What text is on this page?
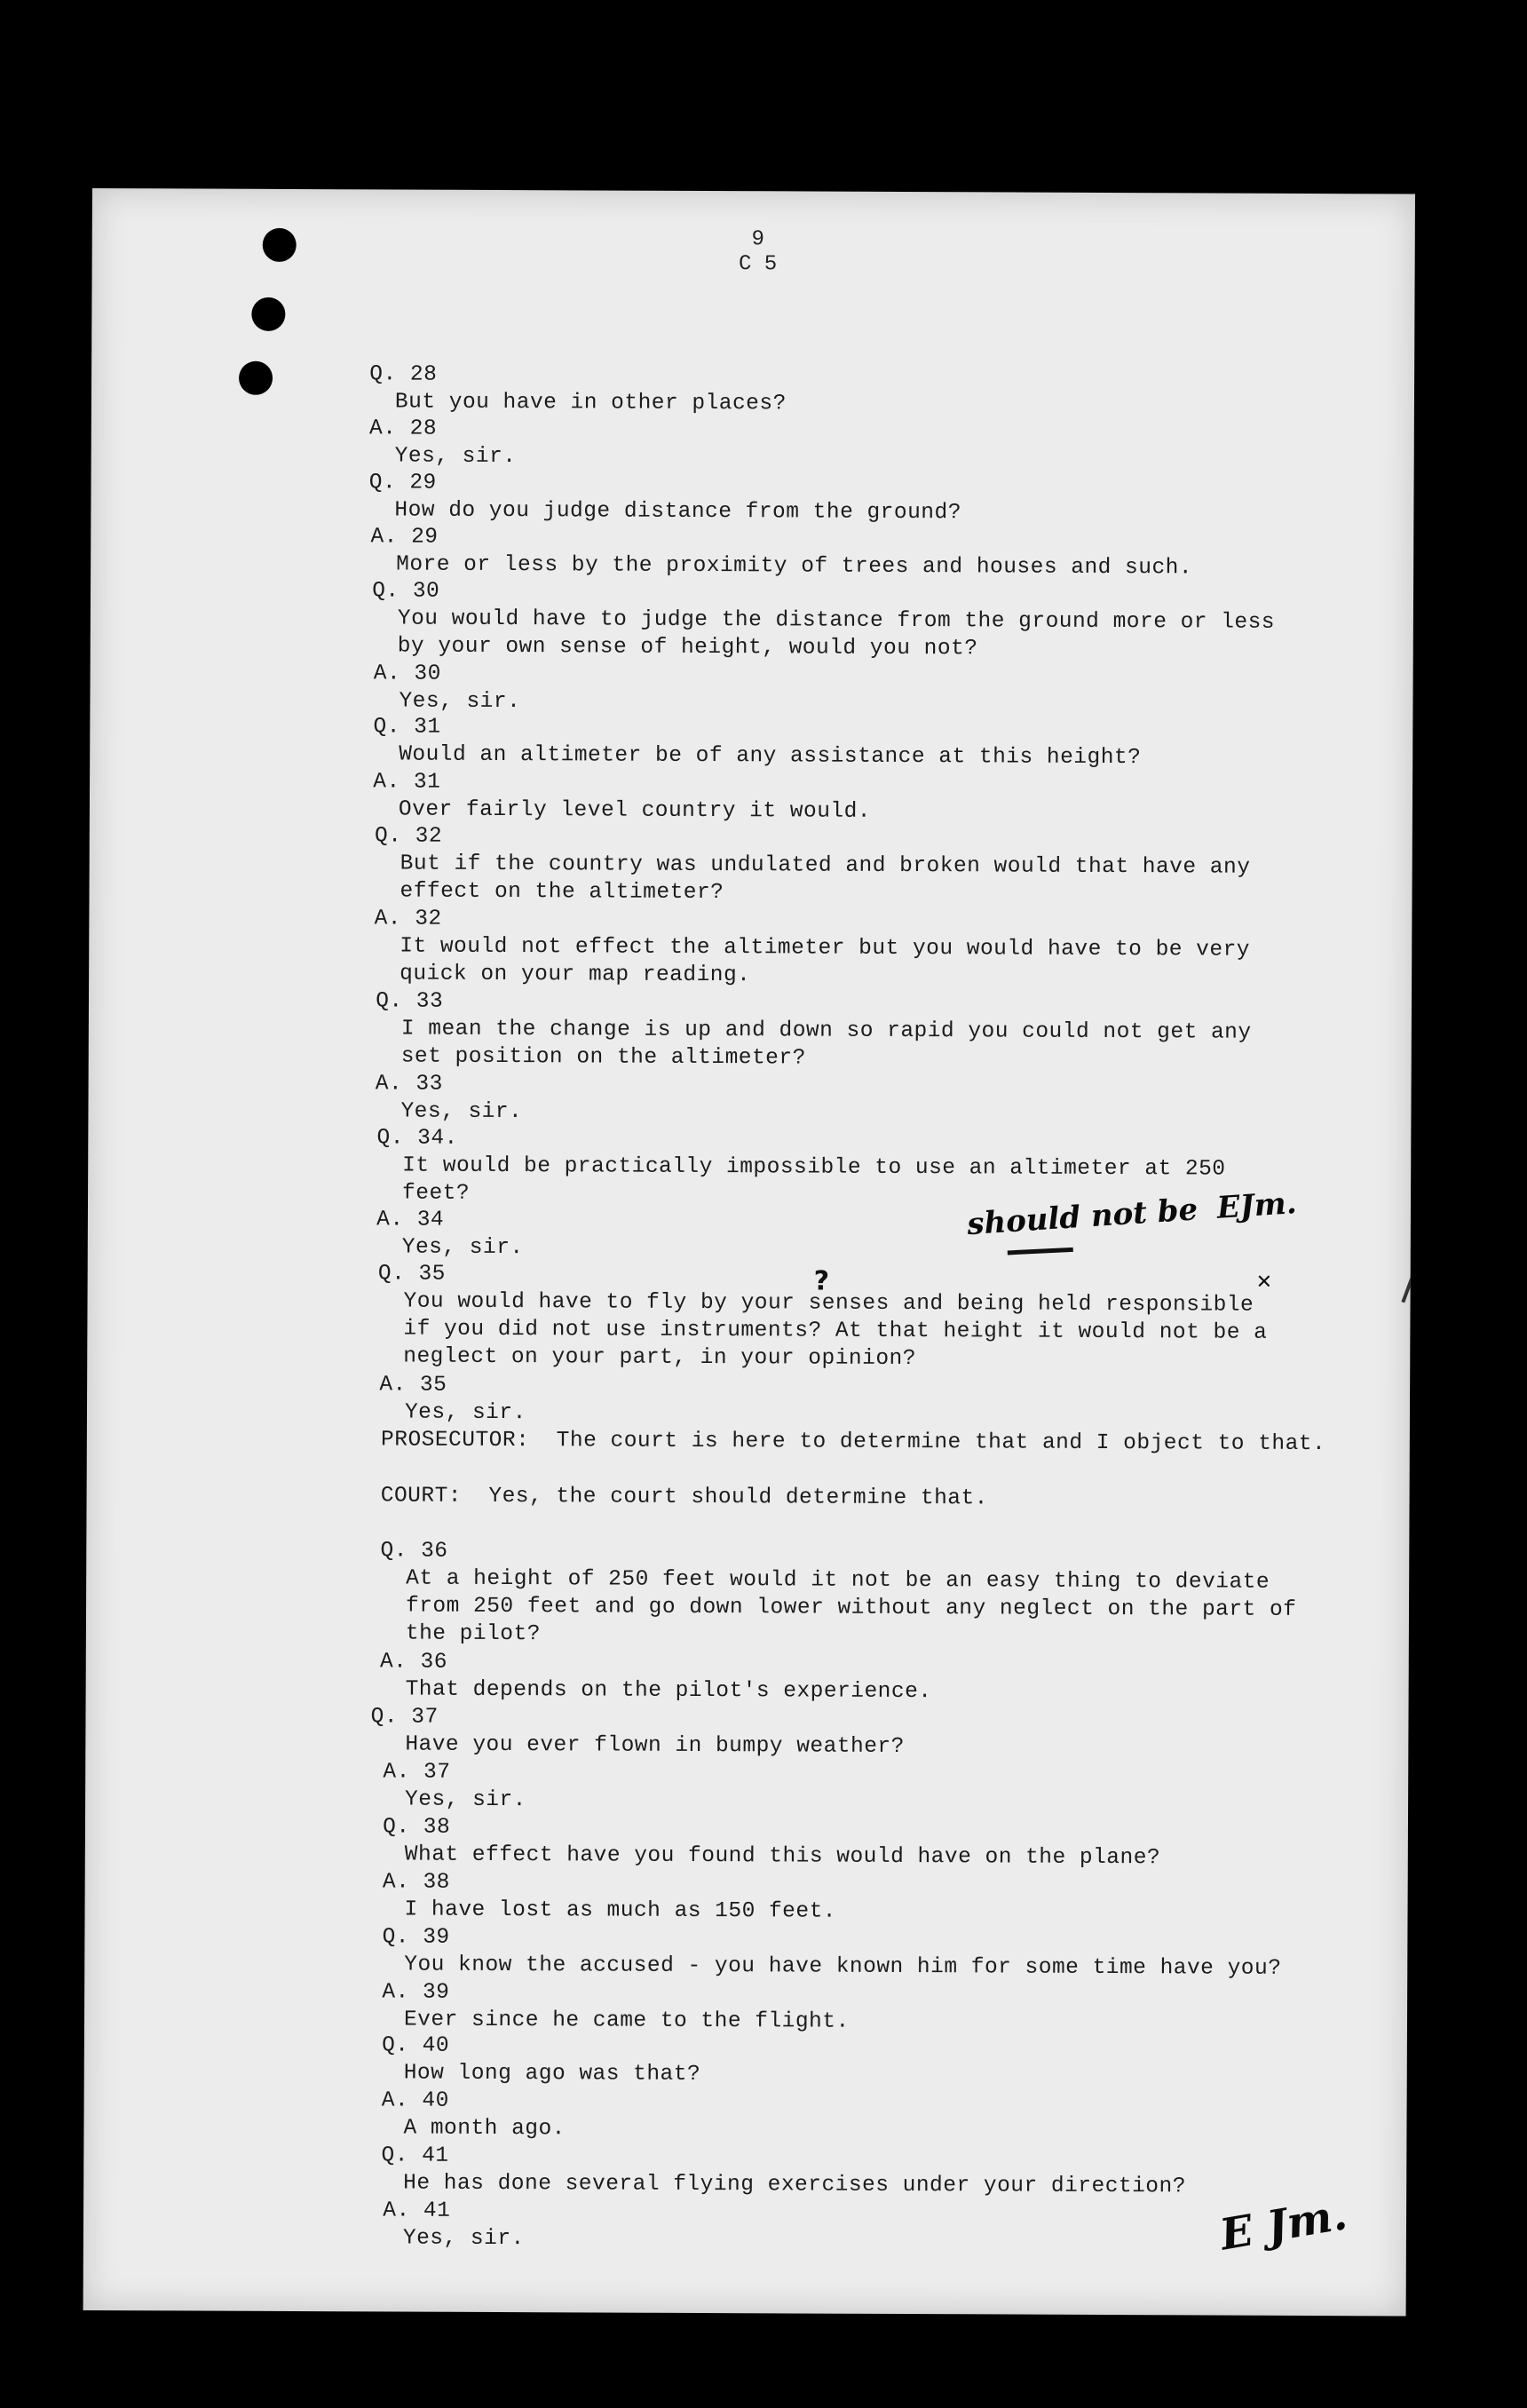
9
C 5

Q. 28

But you have in other places?

A. 28

Yes, sir.

Q. 29

How do you judge distance from the ground?

A. 29

More or less by the proximity of trees and houses and such.

Q. 30

You would have to judge the distance from the ground more or less
by your own sense of height, would you not?

A. 30

Yes, sir.

Q. 31

Would an altimeter be of any assistance at this height?

A. 31

Over fairly level country it would.

Q. 32

But if the country was undulated and broken would that have any
effect on the altimeter?

A. 32

It would not effect the altimeter but you would have to be very
quick on your map reading.

Q. 33

I mean the change is up and down so rapid you could not get any
set position on the altimeter?

A. 33

Yes, sir.

Q. 34.

It would be practically impossible to use an altimeter at 250
feet?

A. 34

Yes, sir.

Q. 35

You would have to fly by your senses and being held responsible
if you did not use instruments? At that height it would not be a
neglect on your part, in your opinion?

A. 35

Yes, sir.

PROSECUTOR: The court is here to determine that and I object to that.

COURT: Yes, the court should determine that.

Q. 36

At a height of 250 feet would it not be an easy thing to deviate
from 250 feet and go down lower without any neglect on the part of
the pilot?

A. 36

That depends on the pilot's experience.

Q. 37

Have you ever flown in bumpy weather?

A. 37

Yes, sir.

Q. 38

What effect have you found this would have on the plane?

A. 38

I have lost as much as 150 feet.

Q. 39

You know the accused - you have known him for some time have you?

A. 39

Ever since he came to the flight.

Q. 40

How long ago was that?

A. 40

A month ago.

Q. 41

He has done several flying exercises under your direction?

A. 41

Yes, sir.

should not be EJm.
?	✕
E Jm.
